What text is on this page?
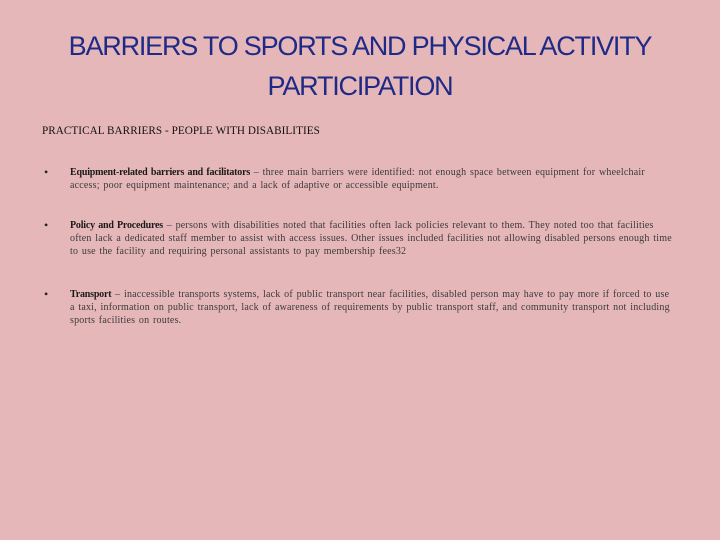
BARRIERS TO SPORTS AND PHYSICAL ACTIVITY PARTICIPATION
PRACTICAL BARRIERS - PEOPLE WITH DISABILITIES
• Equipment-related barriers and facilitators – three main barriers were identified: not enough space between equipment for wheelchair access; poor equipment maintenance; and a lack of adaptive or accessible equipment.
• Policy and Procedures – persons with disabilities noted that facilities often lack policies relevant to them. They noted too that facilities often lack a dedicated staff member to assist with access issues. Other issues included facilities not allowing disabled persons enough time to use the facility and requiring personal assistants to pay membership fees32
• Transport – inaccessible transports systems, lack of public transport near facilities, disabled person may have to pay more if forced to use a taxi, information on public transport, lack of awareness of requirements by public transport staff, and community transport not including sports facilities on routes.
